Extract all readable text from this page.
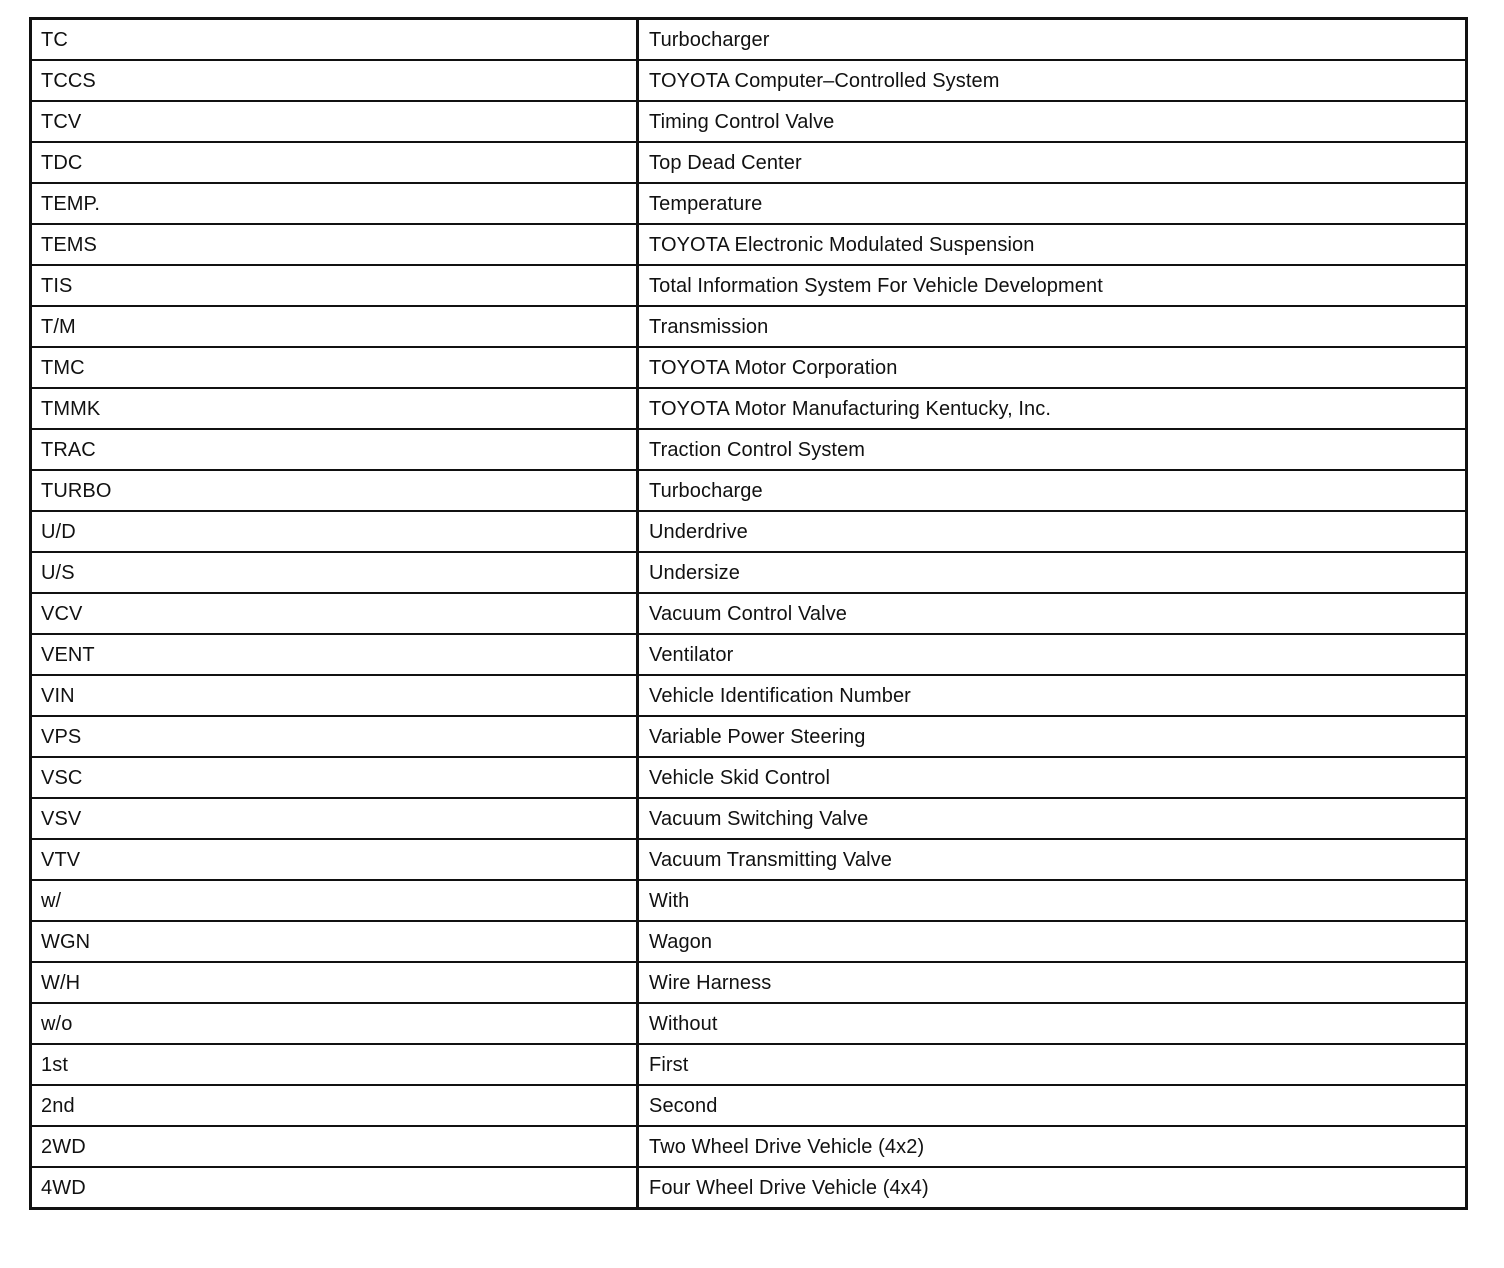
TC	Turbocharger
TCCS	TOYOTA Computer–Controlled System
TCV	Timing Control Valve
TDC	Top Dead Center
TEMP.	Temperature
TEMS	TOYOTA Electronic Modulated Suspension
TIS	Total Information System For Vehicle Development
T/M	Transmission
TMC	TOYOTA Motor Corporation
TMMK	TOYOTA Motor Manufacturing Kentucky, Inc.
TRAC	Traction Control System
TURBO	Turbocharge
U/D	Underdrive
U/S	Undersize
VCV	Vacuum Control Valve
VENT	Ventilator
VIN	Vehicle Identification Number
VPS	Variable Power Steering
VSC	Vehicle Skid Control
VSV	Vacuum Switching Valve
VTV	Vacuum Transmitting Valve
w/	With
WGN	Wagon
W/H	Wire Harness
w/o	Without
1st	First
2nd	Second
2WD	Two Wheel Drive Vehicle (4x2)
4WD	Four Wheel Drive Vehicle (4x4)
